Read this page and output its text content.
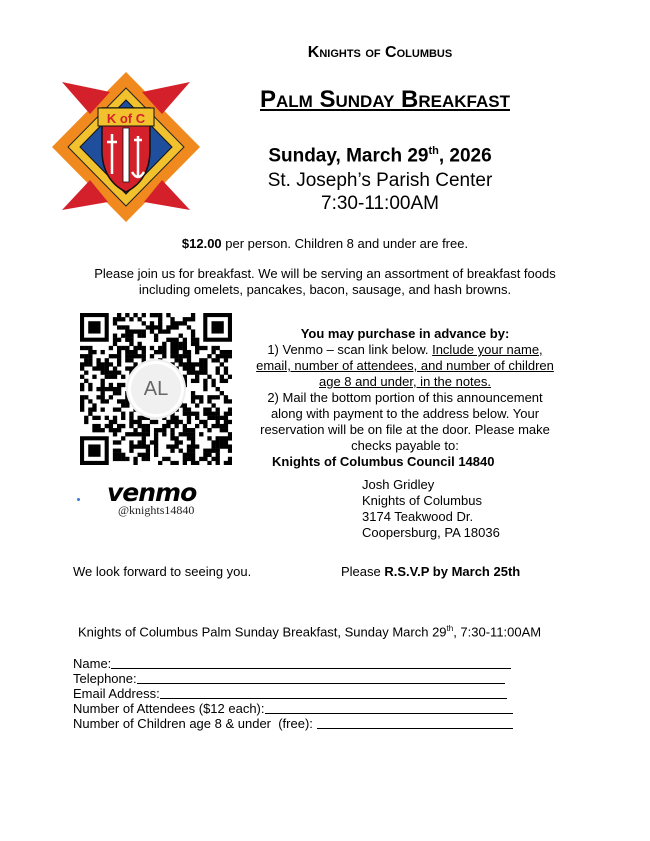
K of C
Knights of Columbus
Palm Sunday Breakfast
Sunday, March 29th, 2026
St. Joseph’s Parish Center
7:30-11:00AM
$12.00 per person. Children 8 and under are free.
Please join us for breakfast. We will be serving an assortment of breakfast foods including omelets, pancakes, bacon, sausage, and hash browns.
AL
venmo
@knights14840
You may purchase in advance by:
1) Venmo – scan link below. Include your name, email, number of attendees, and number of children age 8 and under, in the notes.
2) Mail the bottom portion of this announcement along with payment to the address below. Your reservation will be on file at the door. Please make checks payable to:
Knights of Columbus Council 14840
Josh Gridley
Knights of Columbus
3174 Teakwood Dr.
Coopersburg, PA 18036
We look forward to seeing you.	Please R.S.V.P by March 25th
Knights of Columbus Palm Sunday Breakfast, Sunday March 29th, 7:30-11:00AM
Name:
Telephone:
Email Address:
Number of Attendees ($12 each):
Number of Children age 8 & under  (free):
